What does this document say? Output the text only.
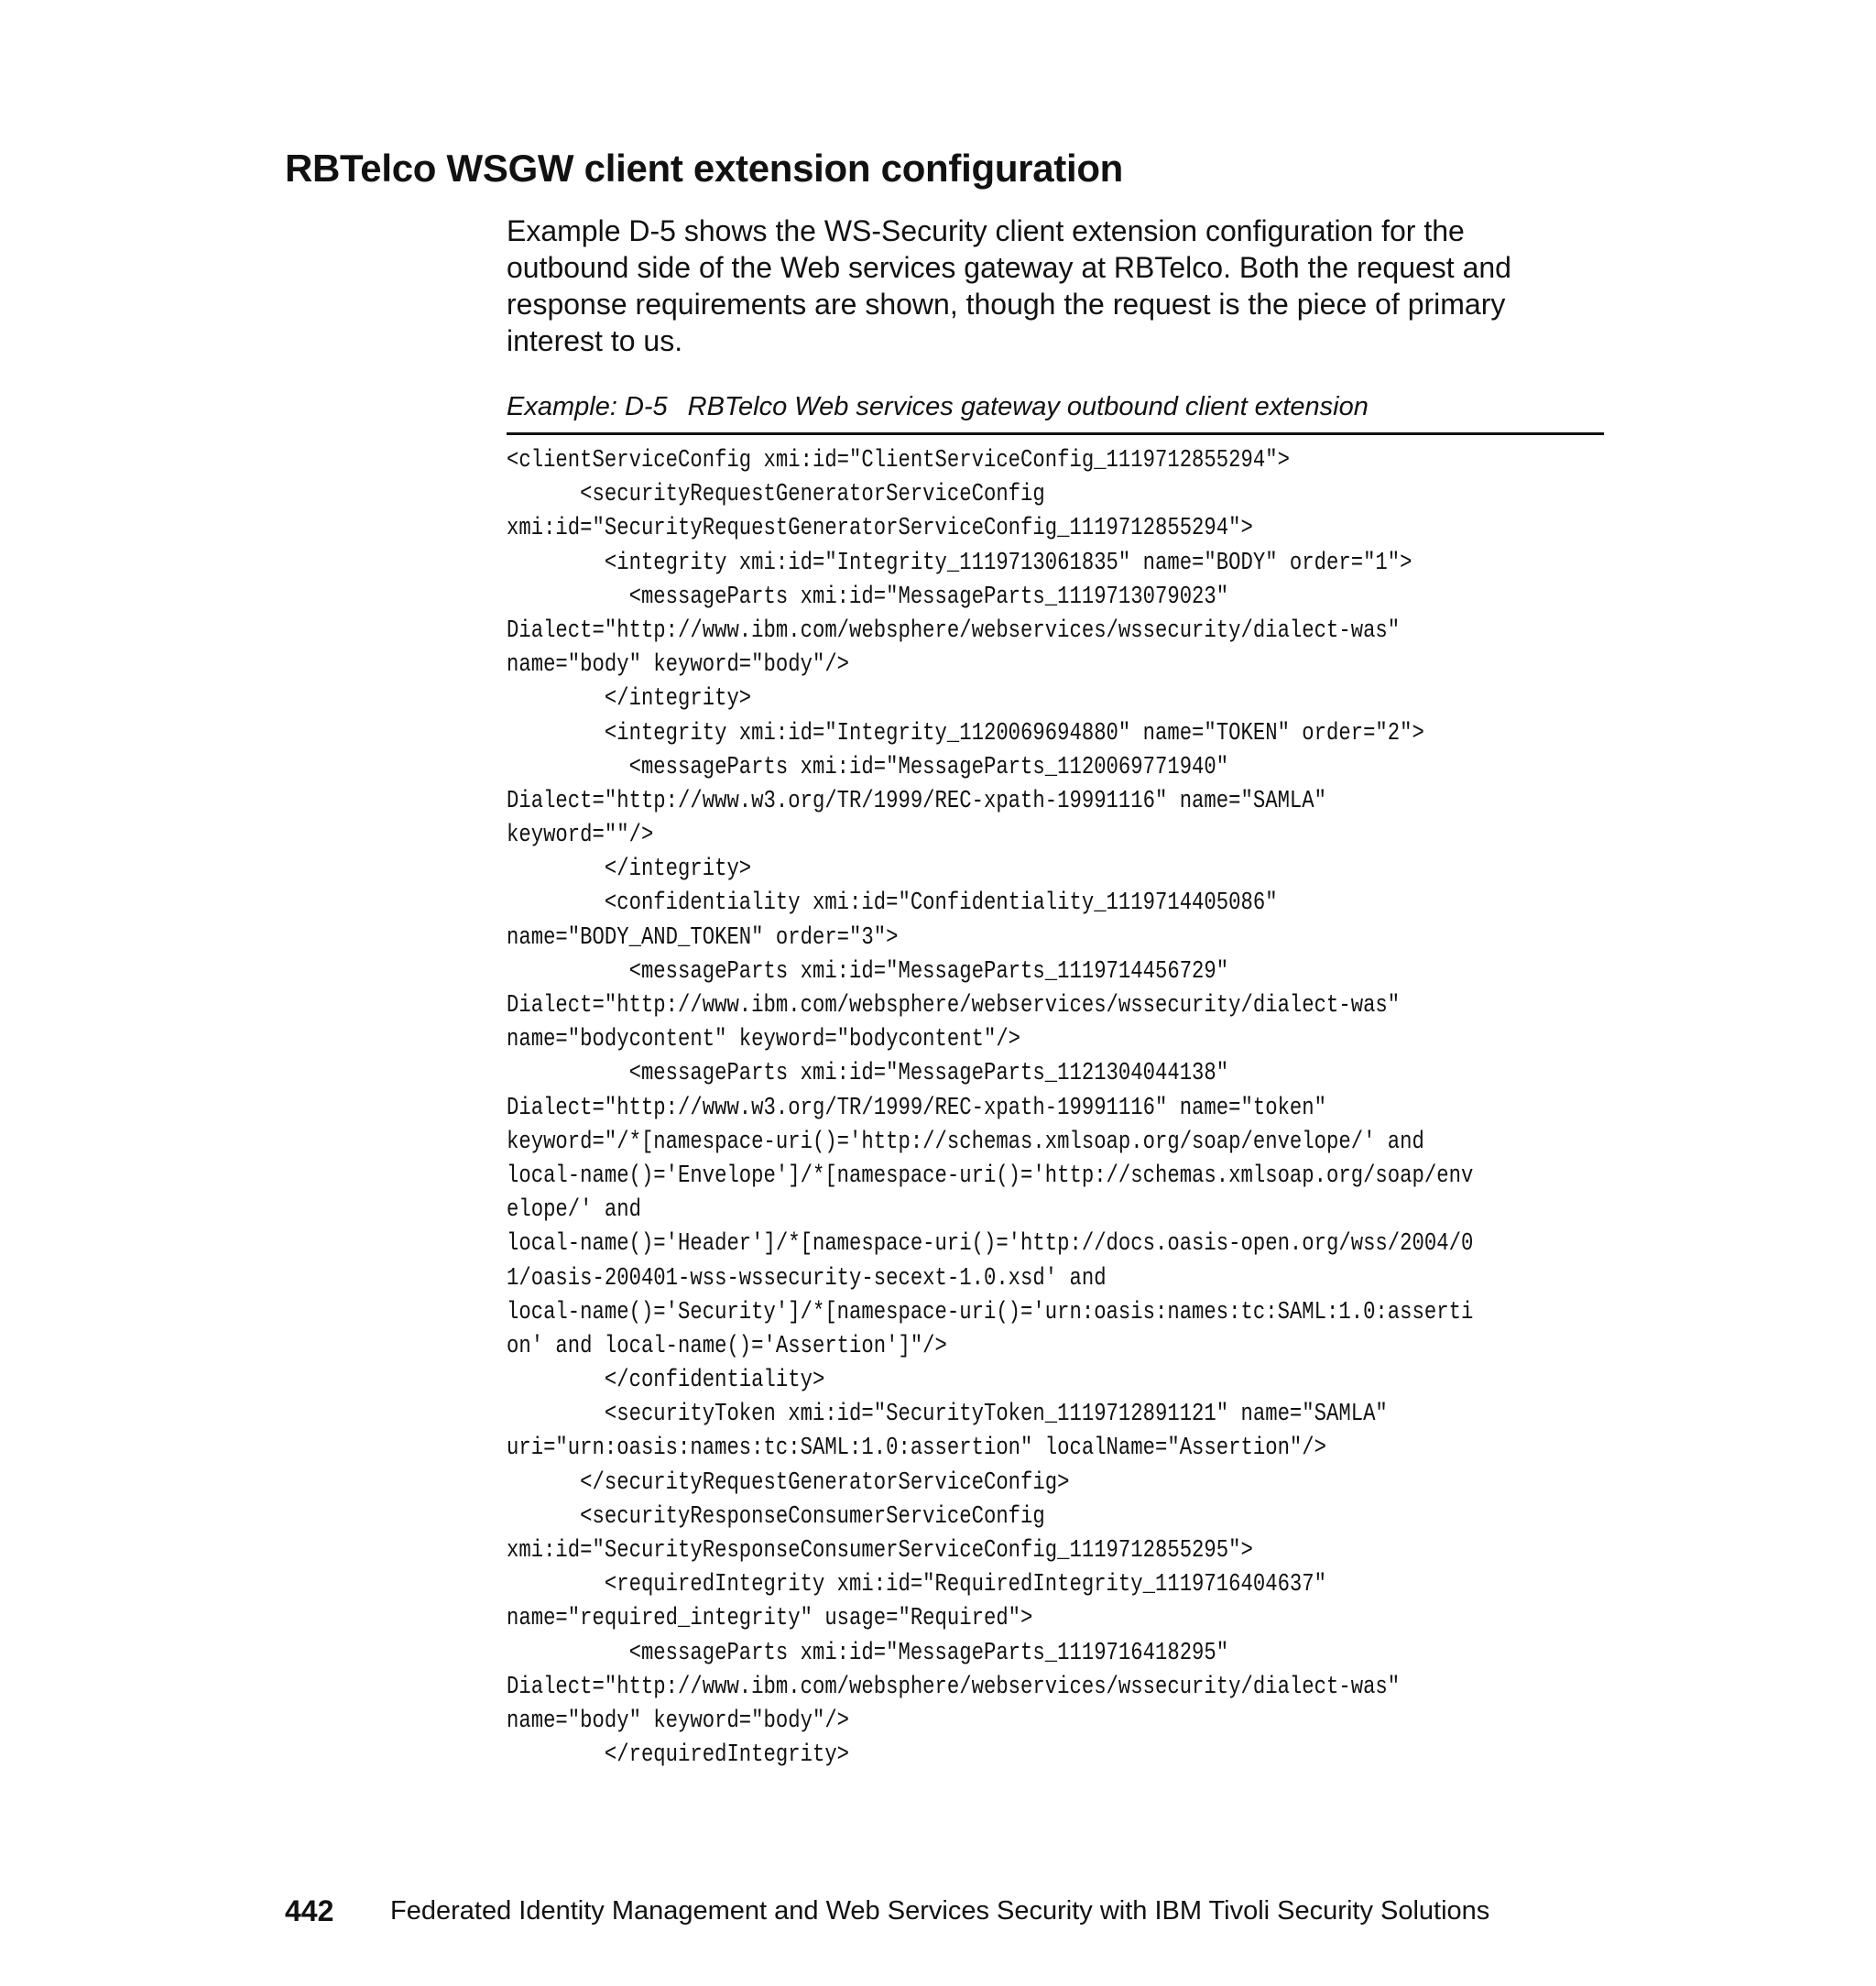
RBTelco WSGW client extension configuration

Example D-5 shows the WS-Security client extension configuration for the
outbound side of the Web services gateway at RBTelco. Both the request and
response requirements are shown, though the request is the piece of primary
interest to us.

Example: D-5 RBTelco Web services gateway outbound client extension
<clientServiceConfig xmi:id="ClientServiceConfig_1119712855294">
<securityRequestGeneratorServiceConfig
xmi:id="SecurityRequestGeneratorServiceConfig_1119712855294">
<integrity xmi:id="Integrity_1119713061835" name="BODY" order="1">
<messageParts xmi:id="MessageParts_1119713079023"
Dialect="http://www.ibm.com/websphere/webservices/wssecurity/dialect-was"
name="body" keyword="body"/>
</integrity>
<integrity xmi:id="Integrity_1120069694880" name="TOKEN" order="2">
<messageParts xmi:id="MessageParts_1120069771940"
Dialect="http://www.w3.org/TR/1999/REC-xpath-19991116" name="SAMLA"
keyword=""/>
</integrity>
<confidentiality xmi:id="Confidentiality_1119714405086"
name="BODY_AND_TOKEN" order="3">
<messageParts xmi:id="MessageParts_1119714456729"
Dialect="http://www.ibm.com/websphere/webservices/wssecurity/dialect-was"
name="bodycontent" keyword="bodycontent"/>
<messageParts xmi:id="MessageParts_1121304044138"
Dialect="http://www.w3.org/TR/1999/REC-xpath-19991116" name="token"
keyword="/*[namespace-uri()='http://schemas.xmlsoap.org/soap/envelope/' and
local-name()='Envelope']/*[namespace-uri()='http://schemas.xmlsoap.org/soap/env
elope/' and
local-name()='Header']/*[namespace-uri()='http://docs.oasis-open.org/wss/2004/0
1/oasis-200401-wss-wssecurity-secext-1.0.xsd' and
local-name()='Security']/*[namespace-uri()='urn:oasis:names:tc:SAML:1.0:asserti
on' and local-name()='Assertion']"/>
</confidentiality>
<securityToken xmi:id="SecurityToken_1119712891121" name="SAMLA"
uri="urn:oasis:names:tc:SAML:1.0:assertion" localName="Assertion"/>
</securityRequestGeneratorServiceConfig>
<securityResponseConsumerServiceConfig
xmi:id="SecurityResponseConsumerServiceConfig_1119712855295">
<requiredIntegrity xmi:id="RequiredIntegrity_1119716404637"
name="required_integrity" usage="Required">
<messageParts xmi:id="MessageParts_1119716418295"
Dialect="http://www.ibm.com/websphere/webservices/wssecurity/dialect-was"
name="body" keyword="body"/>
</requiredIntegrity>
442 Federated Identity Management and Web Services Security with IBM Tivoli Security Solutions
